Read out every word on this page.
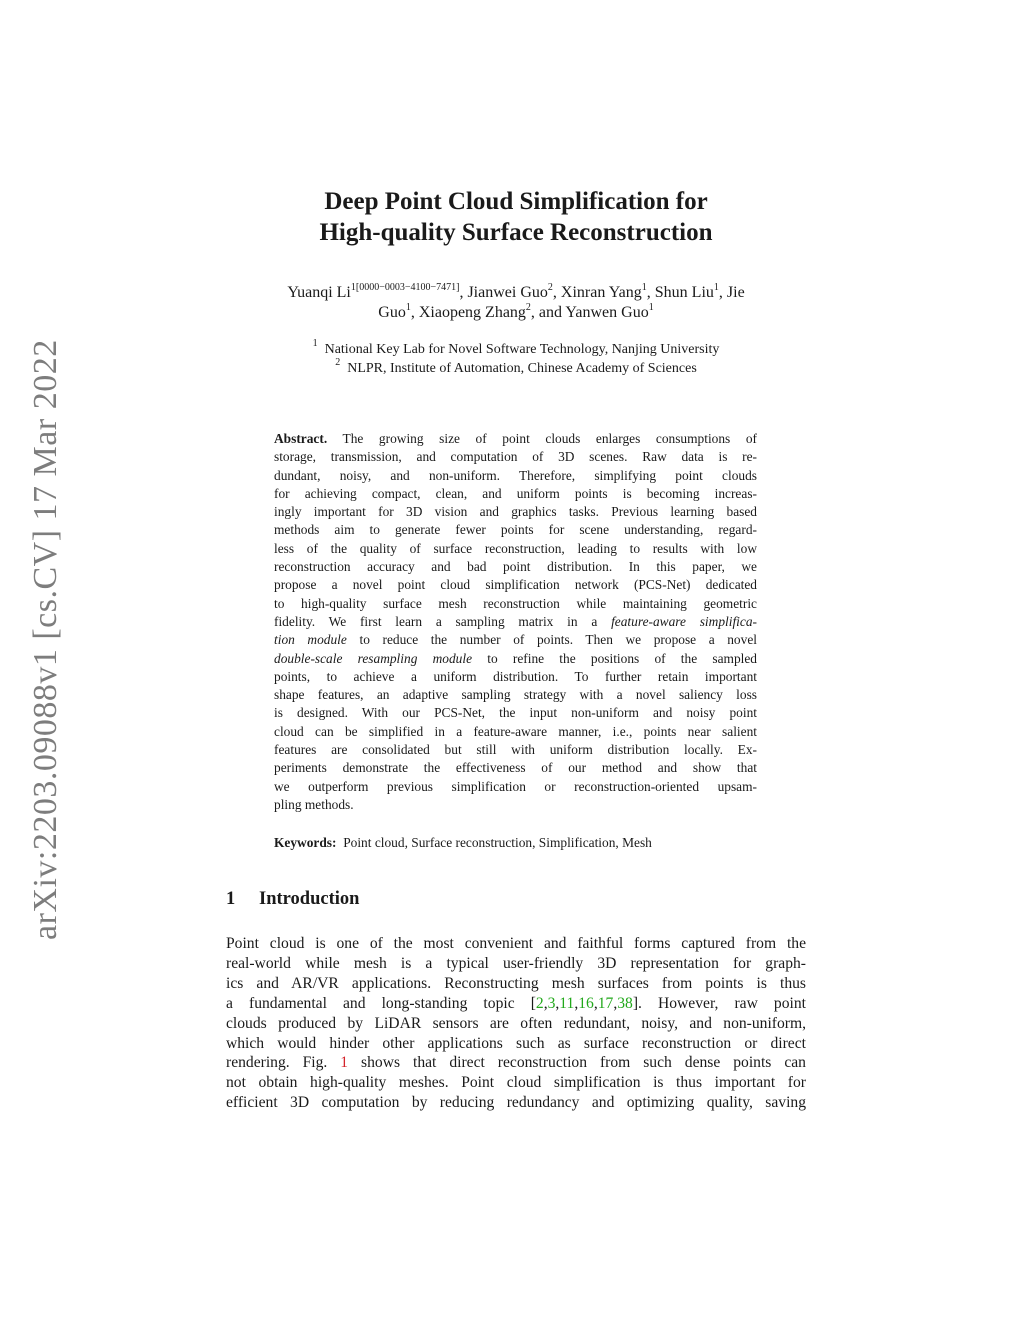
arXiv:2203.09088v1 [cs.CV] 17 Mar 2022
Deep Point Cloud Simplification for
High-quality Surface Reconstruction
Yuanqi $Li^{1[0000-0003-4100-7471]}$, Jianwei Guo$^2$, Xinran Yang$^1$, Shun Liu$^1$, Jie
Guo$^1$, Xiaopeng Zhang$^2$, and Yanwen Guo$^1$
$^1$ National Key Lab for Novel Software Technology, Nanjing University
$^2$ NLPR, Institute of Automation, Chinese Academy of Sciences
Abstract. The growing size of point clouds enlarges consumptions of
storage, transmission, and computation of 3D scenes. Raw data is re-
dundant, noisy, and non-uniform. Therefore, simplifying point clouds
for achieving compact, clean, and uniform points is becoming increas-
ingly important for 3D vision and graphics tasks. Previous learning based
methods aim to generate fewer points for scene understanding, regard-
less of the quality of surface reconstruction, leading to results with low
reconstruction accuracy and bad point distribution. In this paper, we
propose a novel point cloud simplification network (PCS-Net) dedicated
to high-quality surface mesh reconstruction while maintaining geometric
fidelity. We first learn a sampling matrix in a feature-aware simplifica-
tion module to reduce the number of points. Then we propose a novel
double-scale resampling module to refine the positions of the sampled
points, to achieve a uniform distribution. To further retain important
shape features, an adaptive sampling strategy with a novel saliency loss
is designed. With our PCS-Net, the input non-uniform and noisy point
cloud can be simplified in a feature-aware manner, i.e., points near salient
features are consolidated but still with uniform distribution locally. Ex-
periments demonstrate the effectiveness of our method and show that
we outperform previous simplification or reconstruction-oriented upsam-
pling methods.
Keywords: Point cloud, Surface reconstruction, Simplification, Mesh
1 Introduction
Point cloud is one of the most convenient and faithful forms captured from the
real-world while mesh is a typical user-friendly 3D representation for graph-
ics and AR/VR applications. Reconstructing mesh surfaces from points is thus
a fundamental and long-standing topic [2,3,11,16,17,38]. However, raw point
clouds produced by LiDAR sensors are often redundant, noisy, and non-uniform,
which would hinder other applications such as surface reconstruction or direct
rendering. Fig. 1 shows that direct reconstruction from such dense points can
not obtain high-quality meshes. Point cloud simplification is thus important for
efficient 3D computation by reducing redundancy and optimizing quality, saving
